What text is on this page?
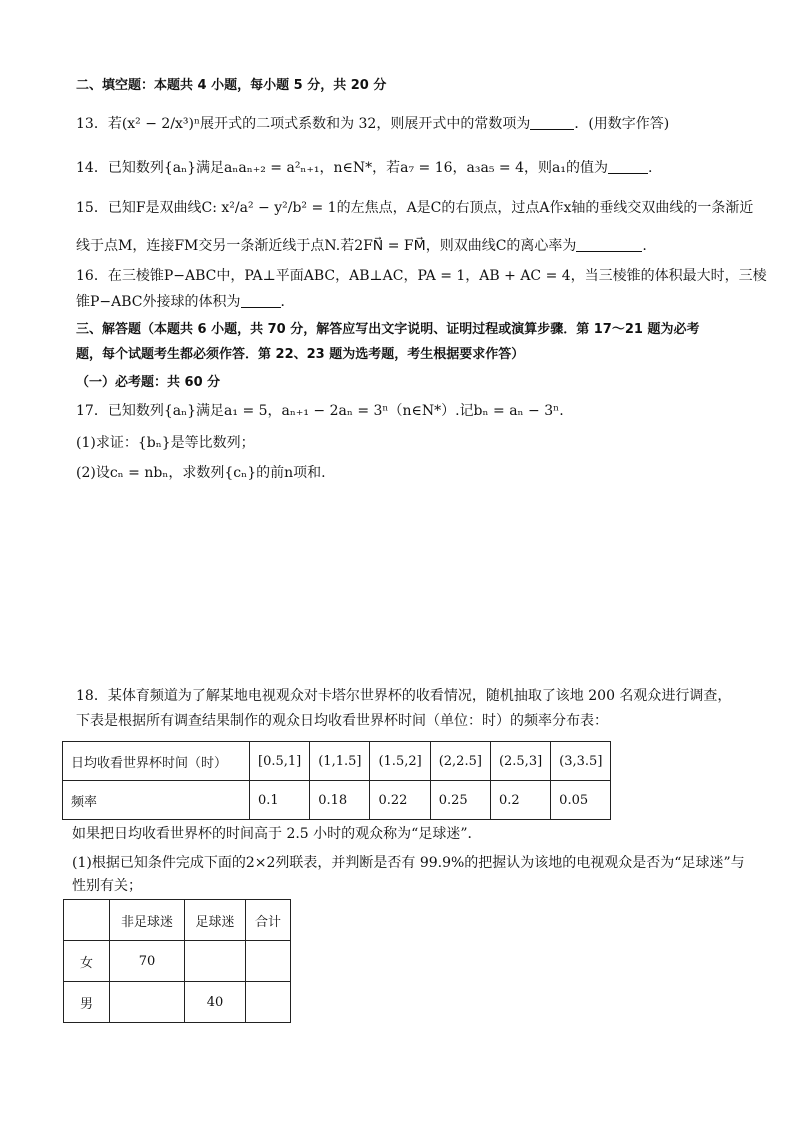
二、填空题：本题共 4 小题，每小题 5 分，共 20 分
13．若(x² − 2/x³)ⁿ展开式的二项式系数和为 32，则展开式中的常数项为	．(用数字作答)
14．已知数列{aₙ}满足aₙaₙ₊₂ = a²ₙ₊₁，n∈N*，若a₇ = 16，a₃a₅ = 4，则a₁的值为	.
15．已知F是双曲线C: x²/a² − y²/b² = 1的左焦点，A是C的右顶点，过点A作x轴的垂线交双曲线的一条渐近
线于点M，连接FM交另一条渐近线于点N.若2FN⃗ = FM⃗，则双曲线C的离心率为	.
16．在三棱锥P−ABC中，PA⊥平面ABC，AB⊥AC，PA = 1，AB + AC = 4，当三棱锥的体积最大时，三棱
锥P−ABC外接球的体积为	．
三、解答题（本题共 6 小题，共 70 分，解答应写出文字说明、证明过程或演算步骤．第 17～21 题为必考
题，每个试题考生都必须作答．第 22、23 题为选考题，考生根据要求作答）
（一）必考题：共 60 分
17．已知数列{aₙ}满足a₁ = 5，aₙ₊₁ − 2aₙ = 3ⁿ（n∈N*）.记bₙ = aₙ − 3ⁿ.
(1)求证：{bₙ}是等比数列；
(2)设cₙ = nbₙ，求数列{cₙ}的前n项和.
18．某体育频道为了解某地电视观众对卡塔尔世界杯的收看情况，随机抽取了该地 200 名观众进行调查，
下表是根据所有调查结果制作的观众日均收看世界杯时间（单位：时）的频率分布表：
日均收看世界杯时间（时）	[0.5,1]	(1,1.5]	(1.5,2]	(2,2.5]	(2.5,3]	(3,3.5]
频率	0.1	0.18	0.22	0.25	0.2	0.05
如果把日均收看世界杯的时间高于 2.5 小时的观众称为“足球迷”．
(1)根据已知条件完成下面的2×2列联表，并判断是否有 99.9%的把握认为该地的电视观众是否为“足球迷”与
性别有关；
	非足球迷	足球迷	合计
女	70		
男		40	
